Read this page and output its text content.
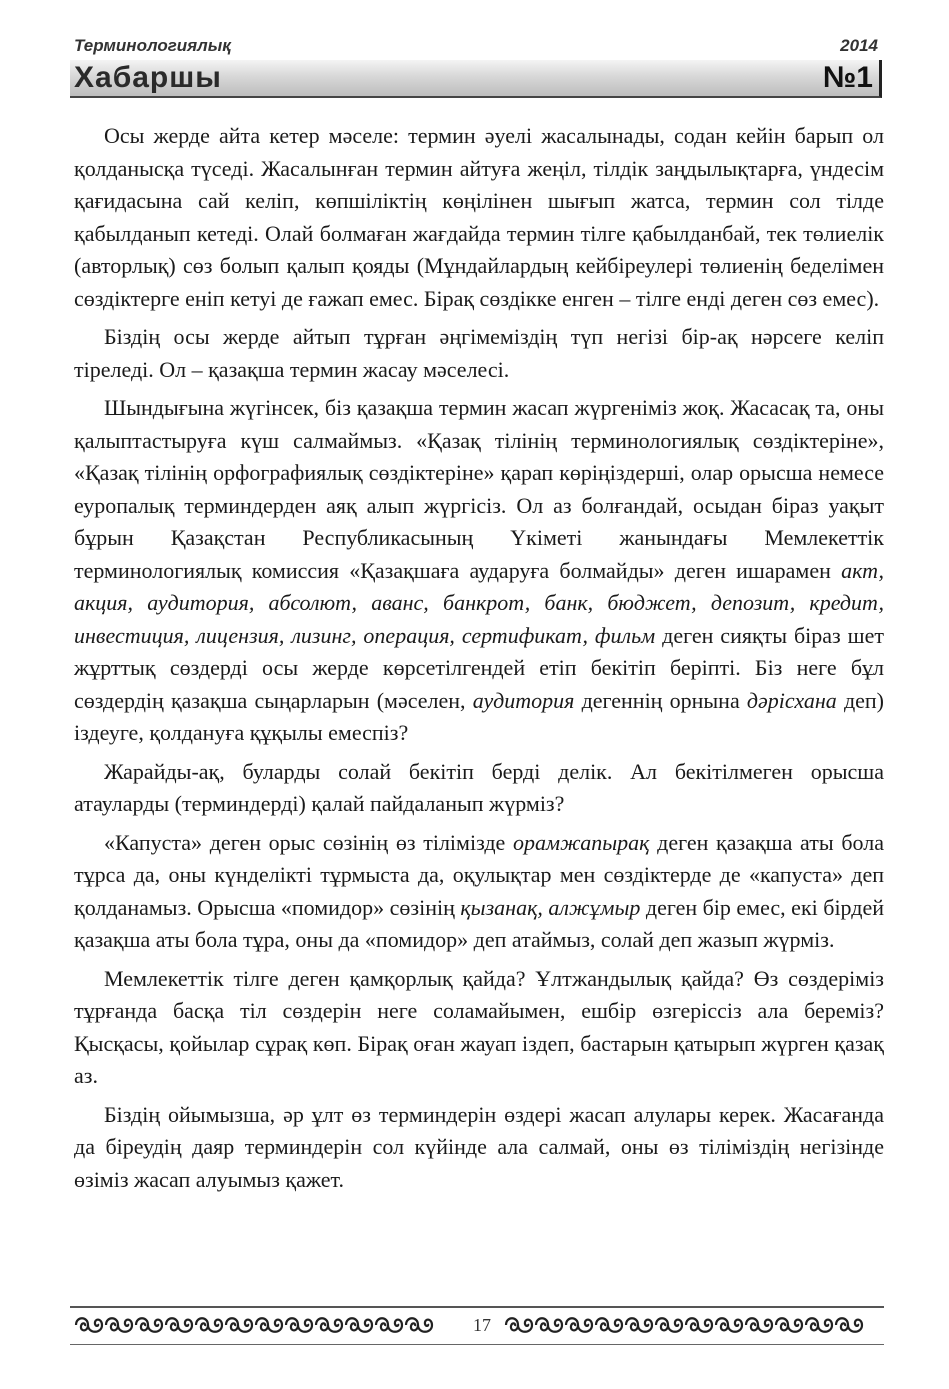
Терминологиялық	2014
Хабаршы	№1

Осы жерде айта кетер мәселе: термин әуелі жасалынады, содан кейін барып ол қолданысқа түседі. Жасалынған термин айтуға жеңіл, тілдік заңдылықтарға, үндесім қағидасына сай келіп, көпшіліктің көңілінен шығып жатса, термин сол тілде қабылданып кетеді. Олай болмаған жағдайда термин тілге қабылданбай, тек төлиелік (авторлық) сөз болып қалып қояды (Мұндайлардың кейбіреулері төлиенің беделімен сөздіктерге еніп кетуі де ғажап емес. Бірақ сөздікке енген – тілге енді деген сөз емес).

Біздің осы жерде айтып тұрған әңгімеміздің түп негізі бір-ақ нәрсеге келіп тіреледі. Ол – қазақша термин жасау мәселесі.

Шындығына жүгінсек, біз қазақша термин жасап жүргеніміз жоқ. Жасасақ та, оны қалыптастыруға күш салмаймыз. «Қазақ тілінің терминологиялық сөздіктеріне», «Қазақ тілінің орфографиялық сөздіктеріне» қарап көріңіздерші, олар орысша немесе еуропалық терминдерден аяқ алып жүргісіз. Ол аз болғандай, осыдан біраз уақыт бұрын Қазақстан Республикасының Үкіметі жанындағы Мемлекеттік терминологиялық комиссия «Қазақшаға аударуға болмайды» деген ишарамен акт, акция, аудитория, абсолют, аванс, банкрот, банк, бюджет, депозит, кредит, инвестиция, лицензия, лизинг, операция, сертификат, фильм деген сияқты біраз шет жұрттық сөздерді осы жерде көрсетілгендей етіп бекітіп беріпті. Біз неге бұл сөздердің қазақша сыңарларын (мәселен, аудитория дегеннің орнына дәрісхана деп) іздеуге, қолдануға құқылы емеспіз?

Жарайды-ақ, буларды солай бекітіп берді делік. Ал бекітілмеген орысша атауларды (терминдерді) қалай пайдаланып жүрміз?

«Капуста» деген орыс сөзінің өз тілімізде орамжапырақ деген қазақша аты бола тұрса да, оны күнделікті тұрмыста да, оқулықтар мен сөздіктерде де «капуста» деп қолданамыз. Орысша «помидор» сөзінің қызанақ, алжұмыр деген бір емес, екі бірдей қазақша аты бола тұра, оны да «помидор» деп атаймыз, солай деп жазып жүрміз.

Мемлекеттік тілге деген қамқорлық қайда? Ұлтжандылық қайда? Өз сөздеріміз тұрғанда басқа тіл сөздерін неге соламайымен, ешбір өзгеріссіз ала береміз? Қысқасы, қойылар сұрақ көп. Бірақ оған жауап іздеп, бастарын қатырып жүрген қазақ аз.

Біздің ойымызша, әр ұлт өз терминдерін өздері жасап алулары керек. Жасағанда да біреудің даяр терминдерін сол күйінде ала салмай, оны өз тіліміздің негізінде өзіміз жасап алуымыз қажет.

17
